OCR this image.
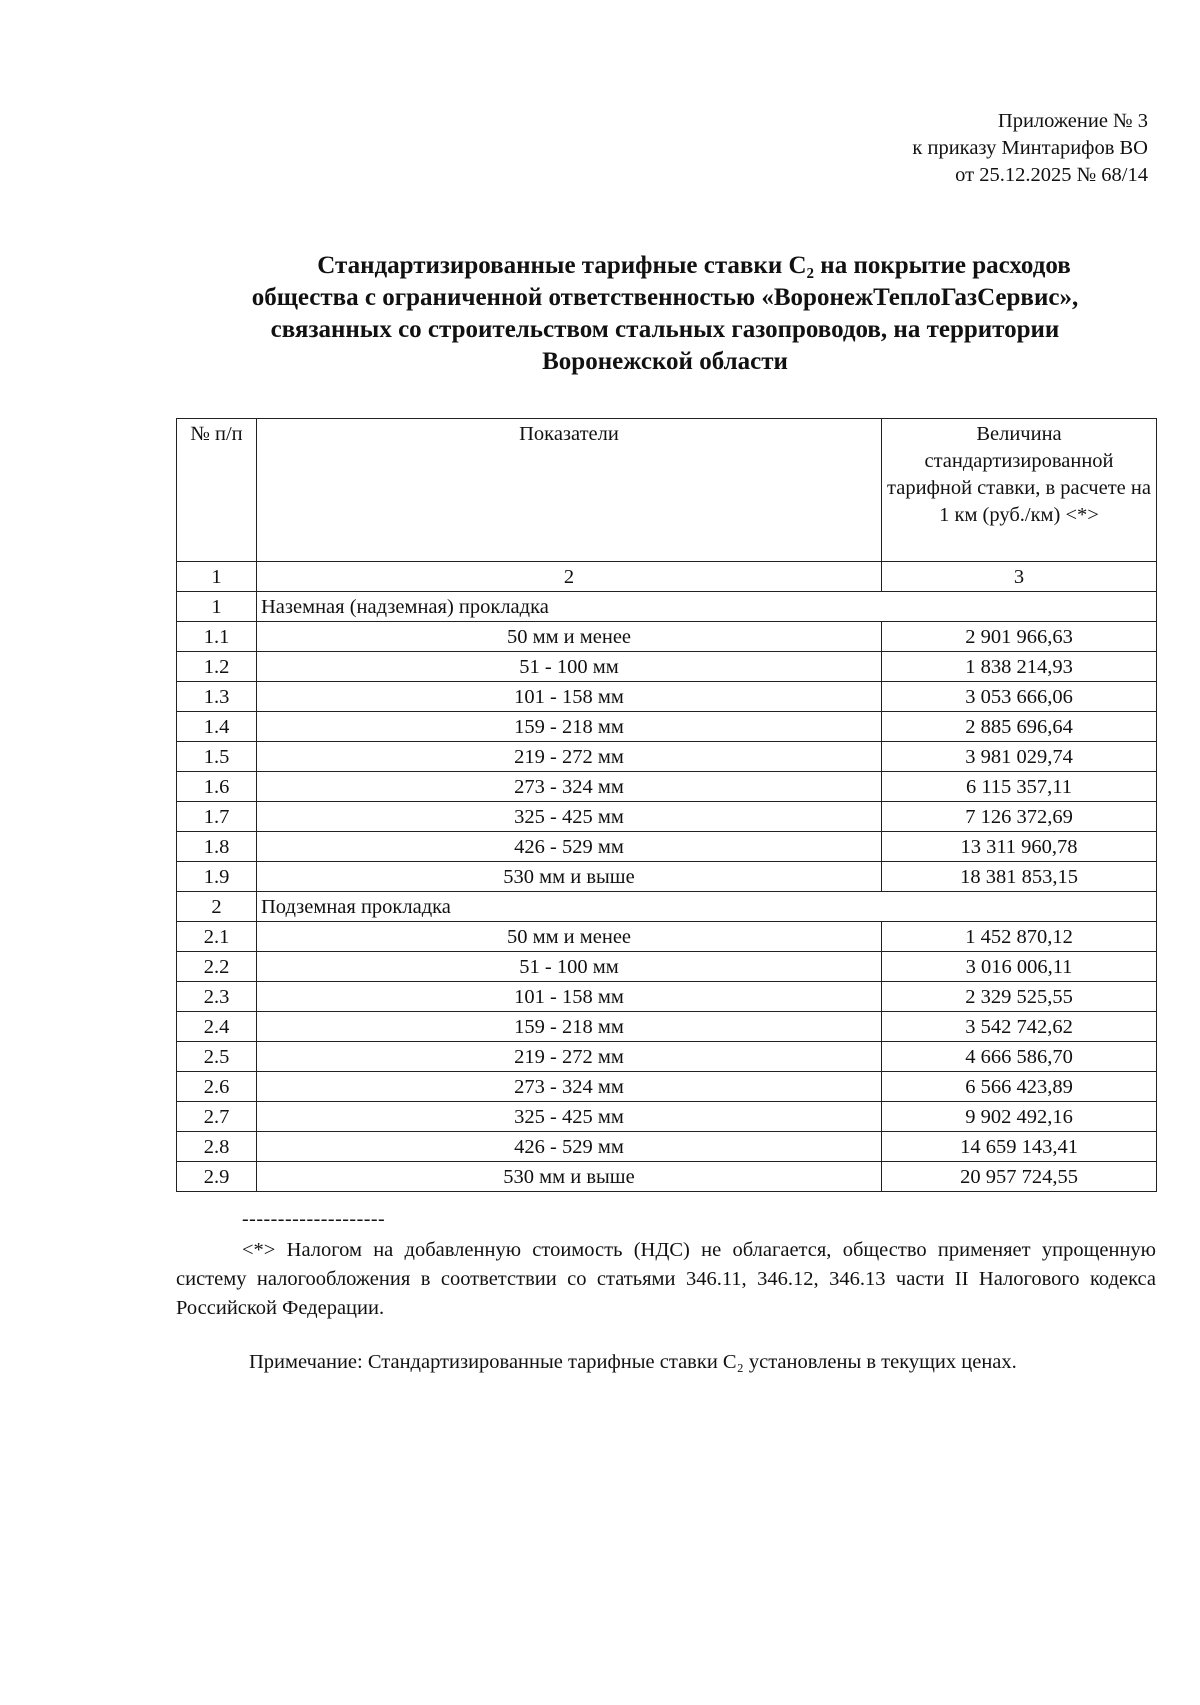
Приложение № 3
к приказу Минтарифов ВО
от 25.12.2025 № 68/14
Стандартизированные тарифные ставки С₂ на покрытие расходов
общества с ограниченной ответственностью «ВоронежТеплоГазСервис»,
связанных со строительством стальных газопроводов, на территории
Воронежской области
№ п/п	Показатели	Величина стандартизированной тарифной ставки, в расчете на 1 км (руб./км) <*>
1	2	3
1	Наземная (надземная) прокладка	
1.1	50 мм и менее	2 901 966,63
1.2	51 - 100 мм	1 838 214,93
1.3	101 - 158 мм	3 053 666,06
1.4	159 - 218 мм	2 885 696,64
1.5	219 - 272 мм	3 981 029,74
1.6	273 - 324 мм	6 115 357,11
1.7	325 - 425 мм	7 126 372,69
1.8	426 - 529 мм	13 311 960,78
1.9	530 мм и выше	18 381 853,15
2	Подземная прокладка	
2.1	50 мм и менее	1 452 870,12
2.2	51 - 100 мм	3 016 006,11
2.3	101 - 158 мм	2 329 525,55
2.4	159 - 218 мм	3 542 742,62
2.5	219 - 272 мм	4 666 586,70
2.6	273 - 324 мм	6 566 423,89
2.7	325 - 425 мм	9 902 492,16
2.8	426 - 529 мм	14 659 143,41
2.9	530 мм и выше	20 957 724,55
--------------------
<*> Налогом на добавленную стоимость (НДС) не облагается, общество применяет упрощенную систему налогообложения в соответствии со статьями 346.11, 346.12, 346.13 части II Налогового кодекса Российской Федерации.
Примечание: Стандартизированные тарифные ставки С₂ установлены в текущих ценах.
